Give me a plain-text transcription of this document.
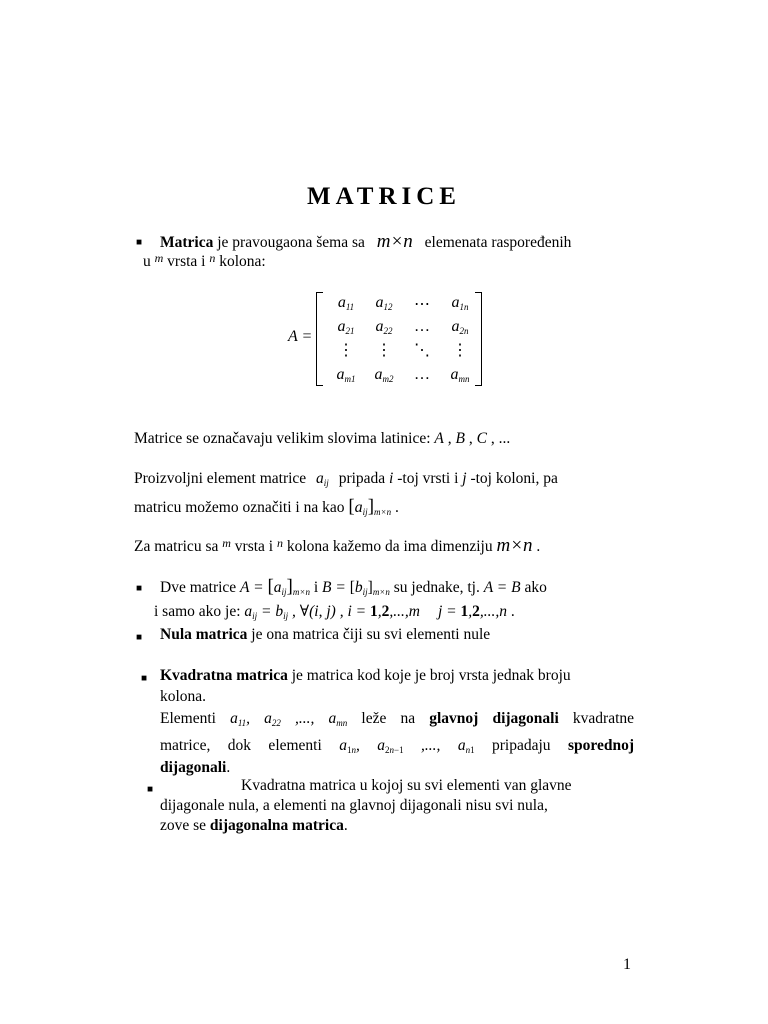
MATRICE
■ Matrica je pravougaona šema sa m×n elemenata raspoređenih
u $^m$ vrsta i $^n$ kolona:
A =
a11	a12	⋯	$a_{1n}$
a21	a22	…	$a_{2n}$
⋮	⋮	⋱	⋮
$a_{m1}$	$a_{m2}$	…	$a_{mn}$
Matrice se označavaju velikim slovima latinice: A , B , C , ...
Proizvoljni element matrice $a_{ij}$ pripada i -toj vrsti i j -toj koloni, pa
matricu možemo označiti i na kao $[a_{ij}]_{m\times n}$ .
Za matricu sa $^m$ vrsta i $^n$ kolona kažemo da ima dimenziju m×n .
■ Dve matrice $A = [a_{ij}]_{m\times n}$ i $B = [b_{ij}]_{m\times n}$ su jednake, tj. A = B ako
i samo ako je: $a_{ij} = b_{ij}$ , ∀(i, j) , i = 1,2,...,m j = 1,2,...,n .
■ Nula matrica je ona matrica čiji su svi elementi nule
■ Kvadratna matrica je matrica kod koje je broj vrsta jednak broju
kolona.
Elementi a11, a22 ,..., $a_{mn}$ leže na glavnoj dijagonali kvadratne
matrice, dok elementi $a_{1n}$, $a_{2n-1}$ ,..., $a_{n1}$ pripadaju sporednoj
dijagonali.
■	Kvadratna matrica u kojoj su svi elementi van glavne
dijagonale nula, a elementi na glavnoj dijagonali nisu svi nula,
zove se dijagonalna matrica.
1
